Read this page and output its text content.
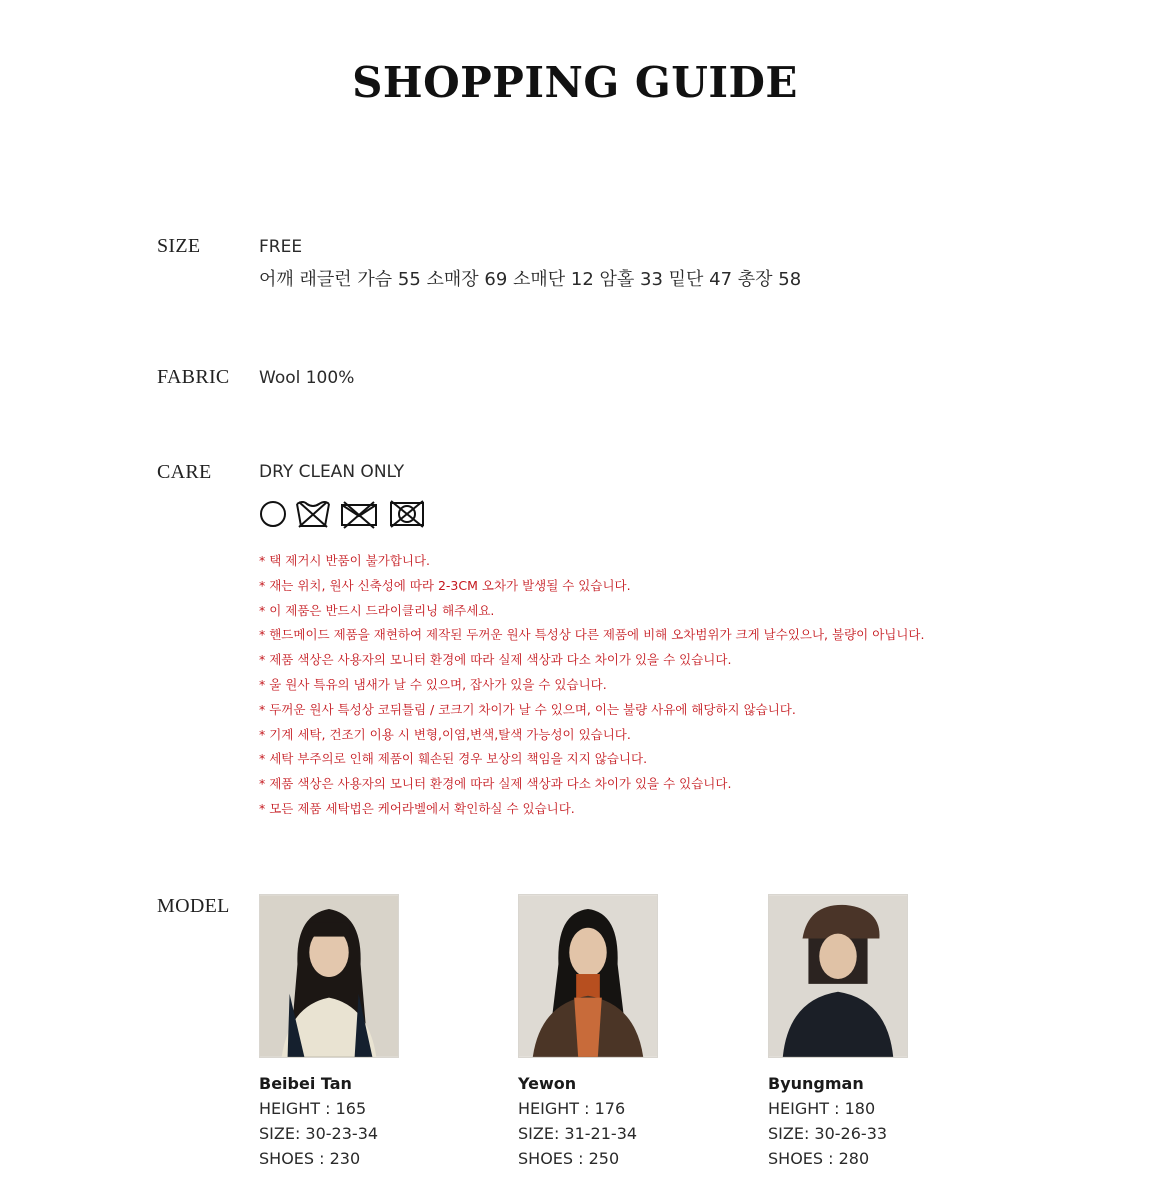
SHOPPING GUIDE
SIZE	FREE
어깨 래글런 가슴 55 소매장 69 소매단 12 암홀 33 밑단 47 총장 58
FABRIC Wool 100%
CARE	DRY CLEAN ONLY
* 택 제거시 반품이 불가합니다.
* 재는 위치, 원사 신축성에 따라 2-3CM 오차가 발생될 수 있습니다.
* 이 제품은 반드시 드라이클리닝 해주세요.
* 핸드메이드 제품을 재현하여 제작된 두꺼운 원사 특성상 다른 제품에 비해 오차범위가 크게 날수있으나, 불량이 아닙니다.
* 제품 색상은 사용자의 모니터 환경에 따라 실제 색상과 다소 차이가 있을 수 있습니다.
* 울 원사 특유의 냄새가 날 수 있으며, 잡사가 있을 수 있습니다.
* 두꺼운 원사 특성상 코뒤틀림 / 코크기 차이가 날 수 있으며, 이는 불량 사유에 해당하지 않습니다.
* 기계 세탁, 건조기 이용 시 변형,이염,변색,탈색 가능성이 있습니다.
* 세탁 부주의로 인해 제품이 훼손된 경우 보상의 책임을 지지 않습니다.
* 제품 색상은 사용자의 모니터 환경에 따라 실제 색상과 다소 차이가 있을 수 있습니다.
* 모든 제품 세탁법은 케어라벨에서 확인하실 수 있습니다.
MODEL
Beibei Tan
HEIGHT : 165
SIZE: 30-23-34
SHOES : 230
Yewon
HEIGHT : 176
SIZE: 31-21-34
SHOES : 250
Byungman
HEIGHT : 180
SIZE: 30-26-33
SHOES : 280
